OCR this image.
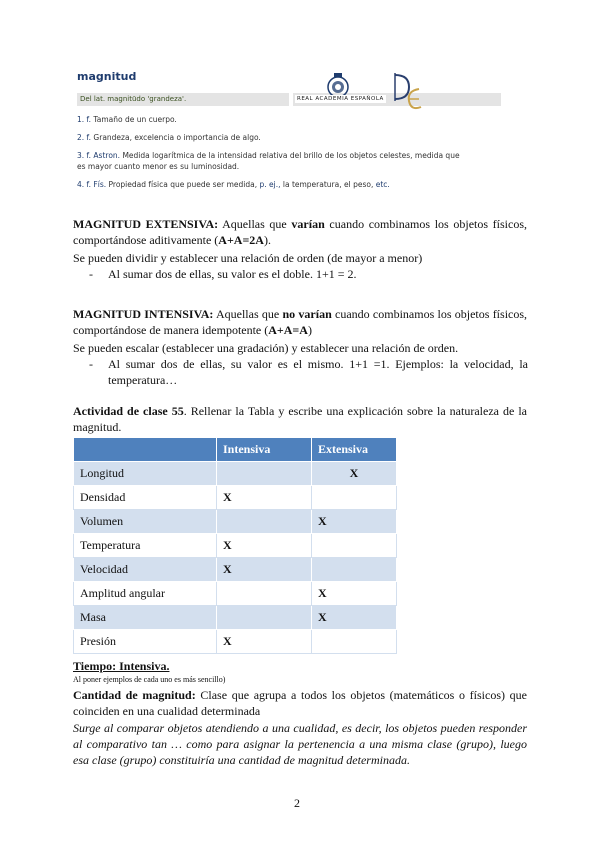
magnitud
Del lat. magnitūdo 'grandeza'.	REAL ACADEMIA ESPAÑOLA
1. f. Tamaño de un cuerpo.
2. f. Grandeza, excelencia o importancia de algo.
3. f. Astron. Medida logarítmica de la intensidad relativa del brillo de los objetos celestes, medida que
es mayor cuanto menor es su luminosidad.
4. f. Fís. Propiedad física que puede ser medida, p. ej., la temperatura, el peso, etc.

MAGNITUD EXTENSIVA: Aquellas que varían cuando combinamos los objetos físicos, comportándose aditivamente (A+A=2A).

Se pueden dividir y establecer una relación de orden (de mayor a menor)

- Al sumar dos de ellas, su valor es el doble. 1+1 = 2.

MAGNITUD INTENSIVA: Aquellas que no varían cuando combinamos los objetos físicos, comportándose de manera idempotente (A+A=A)

Se pueden escalar (establecer una gradación) y establecer una relación de orden.

- Al sumar dos de ellas, su valor es el mismo. 1+1 =1. Ejemplos: la velocidad, la temperatura…

Actividad de clase 55. Rellenar la Tabla y escribe una explicación sobre la naturaleza de la magnitud.

	Intensiva	Extensiva
Longitud		X
Densidad	X	
Volumen		X
Temperatura	X	
Velocidad	X	
Amplitud angular		X
Masa		X
Presión	X	
Tiempo: Intensiva.
Al poner ejemplos de cada uno es más sencillo)

Cantidad de magnitud: Clase que agrupa a todos los objetos (matemáticos o físicos) que coinciden en una cualidad determinada

Surge al comparar objetos atendiendo a una cualidad, es decir, los objetos pueden responder al comparativo tan … como para asignar la pertenencia a una misma clase (grupo), luego esa clase (grupo) constituiría una cantidad de magnitud determinada.

2
